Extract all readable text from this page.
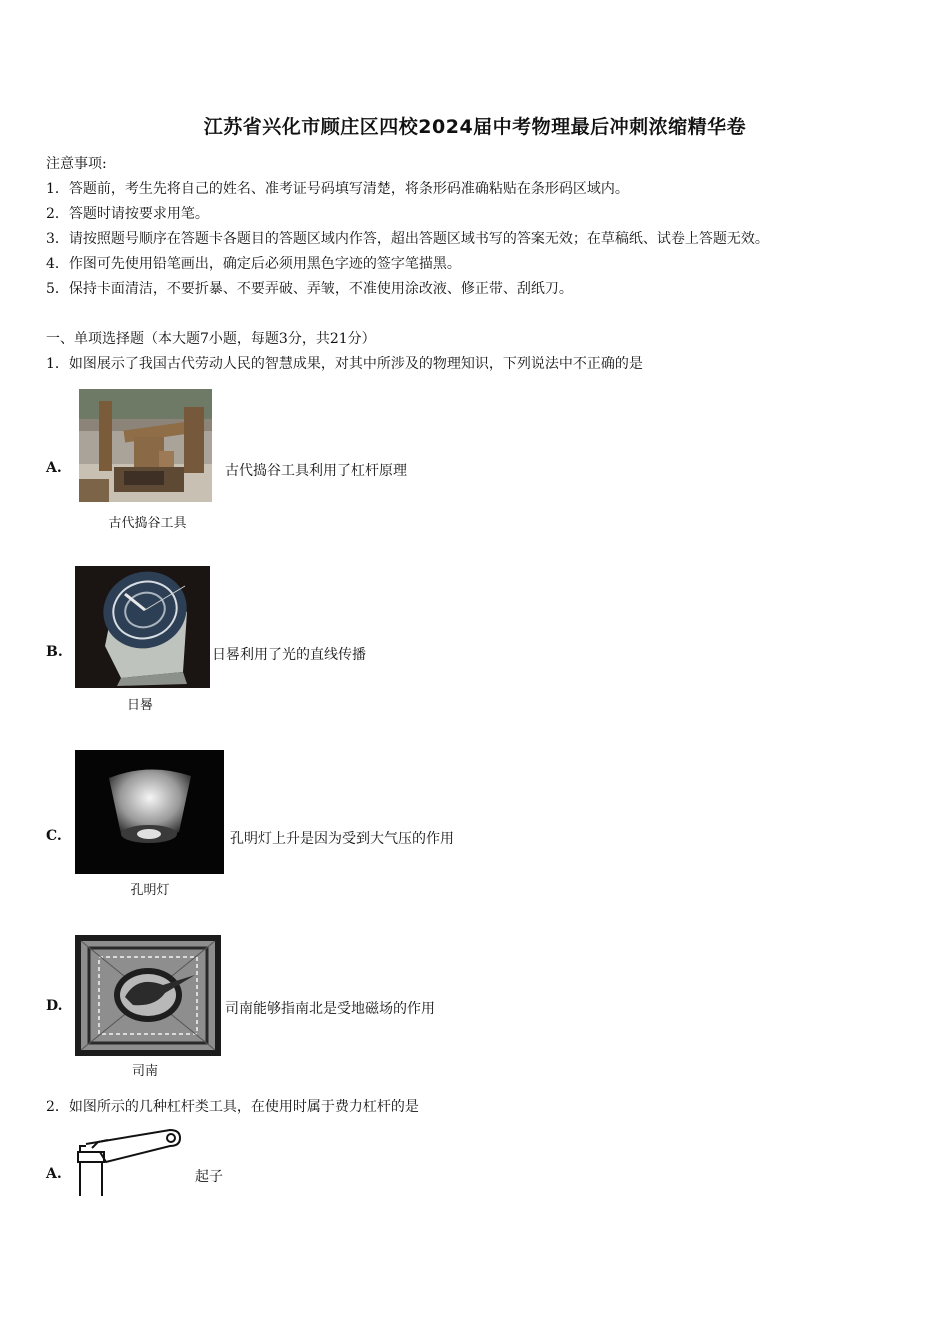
江苏省兴化市顾庄区四校2024届中考物理最后冲刺浓缩精华卷
注意事项:
1．答题前，考生先将自己的姓名、准考证号码填写清楚，将条形码准确粘贴在条形码区域内。
2．答题时请按要求用笔。
3．请按照题号顺序在答题卡各题目的答题区域内作答，超出答题区域书写的答案无效；在草稿纸、试卷上答题无效。
4．作图可先使用铅笔画出，确定后必须用黑色字迹的签字笔描黑。
5．保持卡面清洁，不要折暴、不要弄破、弄皱，不准使用涂改液、修正带、刮纸刀。
一、单项选择题（本大题7小题，每题3分，共21分）
1．如图展示了我国古代劳动人民的智慧成果，对其中所涉及的物理知识，下列说法中不正确的是
A.
古代捣谷工具
古代捣谷工具利用了杠杆原理
B.
日晷
日晷利用了光的直线传播
C.
孔明灯
孔明灯上升是因为受到大气压的作用
D.
司南
司南能够指南北是受地磁场的作用
2．如图所示的几种杠杆类工具，在使用时属于费力杠杆的是
A.	起子
